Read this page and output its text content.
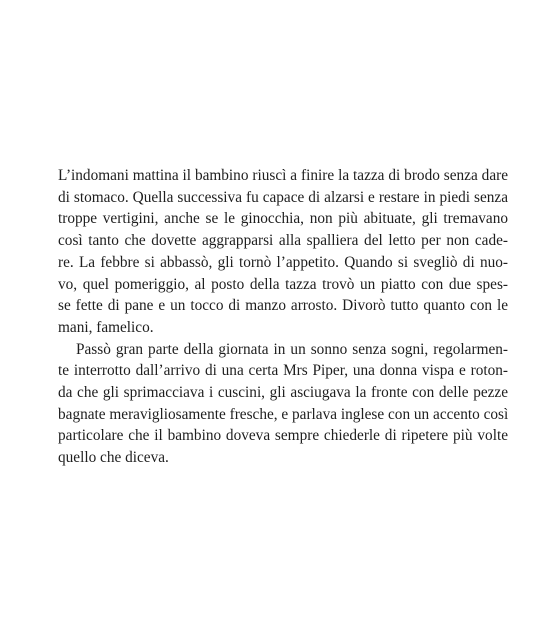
L’indomani mattina il bambino riuscì a finire la tazza di brodo senza dare
di stomaco. Quella successiva fu capace di alzarsi e restare in piedi senza
troppe vertigini, anche se le ginocchia, non più abituate, gli tremavano
così tanto che dovette aggrapparsi alla spalliera del letto per non cade-
re. La febbre si abbassò, gli tornò l’appetito. Quando si svegliò di nuo-
vo, quel pomeriggio, al posto della tazza trovò un piatto con due spes-
se fette di pane e un tocco di manzo arrosto. Divorò tutto quanto con le
mani, famelico.
Passò gran parte della giornata in un sonno senza sogni, regolarmen-
te interrotto dall’arrivo di una certa Mrs Piper, una donna vispa e roton-
da che gli sprimacciava i cuscini, gli asciugava la fronte con delle pezze
bagnate meravigliosamente fresche, e parlava inglese con un accento così
particolare che il bambino doveva sempre chiederle di ripetere più volte
quello che diceva.
